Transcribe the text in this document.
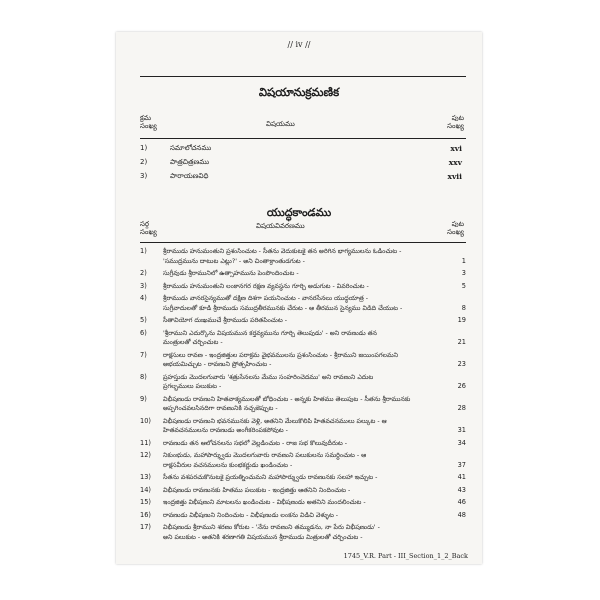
// iv //
విషయానుక్రమణిక
క్రమ
సంఖ్య	విషయము
పుట
సంఖ్య
1)	సమాలోచనము	xvi
2)	పాత్రచిత్రణము	xxv
3)	పారాయణవిధి	xvii
యుద్ధకాండము
సర్గ
సంఖ్య
విషయవివరణము	పుట
సంఖ్య
1)	శ్రీరాముడు హనుమంతుని ప్రశంసించుట - సీతను వెదుకుటకై తన అరిగిన భాగ్యములను ఓడించుట -
'సముద్రమును దాటుట ఎట్లు?' - అని చింతాక్రాంతుడగుట -	1
2)	సుగ్రీవుడు శ్రీరామునిలో ఉత్సాహమును పెంపొందించుట -	3
3)	శ్రీరాముడు హనుమంతుని లంకానగర రక్షణ వ్యవస్థను గూర్చి అడుగుట - వివరించుట -	5
4)	శ్రీరాముడు వానరసైన్యముతో దక్షిణ దిశగా పయనించుట - వానరసేనలు యుద్ధయాత్ర -
సుగ్రీవాదులతో కూడి శ్రీరాముడు సముద్రతీరమునకు చేరుట - ఆ తీరమున సైన్యము విడిది చేయుట -	8
5)	సీతావియోగ దుఃఖముచే శ్రీరాముడు పరితపించుట -	19
6)	'శ్రీరాముని ఎదుర్కొను విషయమున కర్తవ్యమును గూర్చి తెలుపుడు' - అని రావణుడు తన
మంత్రులతో చర్చించుట -	21
7)	రాక్షసులు రావణ - ఇంద్రజిత్తుల పరాక్రమ వైభవములను ప్రశంసించుట - శ్రీరాముని జయింపగలమని
అభయమిచ్చుట - రావణుని ప్రోత్సహించుట -	23
8)	ప్రహస్తుడు మొదలగువారు 'శత్రుసేనలను మేము సంహరించెదము' అని రావణుని ఎదుట
ప్రగల్భములు పలుకుట -	26
9)	విభీషణుడు రావణుని హితవాక్యములతో బోధించుట - అన్నకు హితము తెలుపుట - సీతను శ్రీరామునకు
అప్పగించవలసినదిగా రావణునికి నచ్చజెప్పుట -	28
10)	విభీషణుడు రావణుని భవనమునకు వెళ్లి, అతనిని మేలుకొలిపి హితవచనములు పల్కుట - ఆ
హితవచనములను రావణుడు అంగీకరింపకపోవుట -	31
11)	రావణుడు తన ఆలోచనలను సభలో వెల్లడించుట - రాజ సభ కొలువుదీరుట -	34
12)	నికుంభుడు, మహాపార్శ్వుడు మొదలగువారు రావణుని పలుకులను సమర్థించుట - ఆ
రాక్షసవీరుల వచనములను కుంభకర్ణుడు ఖండించుట -	37
13)	సీతను వశపరచుకొనుటకై ప్రయత్నించుమని మహాపార్శ్వుడు రావణునకు సలహా ఇచ్చుట -	41
14)	విభీషణుడు రావణునకు హితము పలుకుట - ఇంద్రజిత్తు ఆతనిని నిందించుట -	43
15)	ఇంద్రజిత్తు విభీషణుని మాటలను ఖండించుట - విభీషణుడు అతనిని మందలించుట -	46
16)	రావణుడు విభీషణుని నిందించుట - విభీషణుడు లంకను విడిచి వెళ్ళుట -	48
17)	విభీషణుడు శ్రీరాముని శరణు కోరుట - 'నేను రావణుని తమ్ముడను, నా పేరు విభీషణుడు' -
అని పలుకుట - అతనికి శరణాగతి విషయమున శ్రీరాముడు మిత్రులతో చర్చించుట -
1745_V.R. Part - III_Section_1_2_Back
